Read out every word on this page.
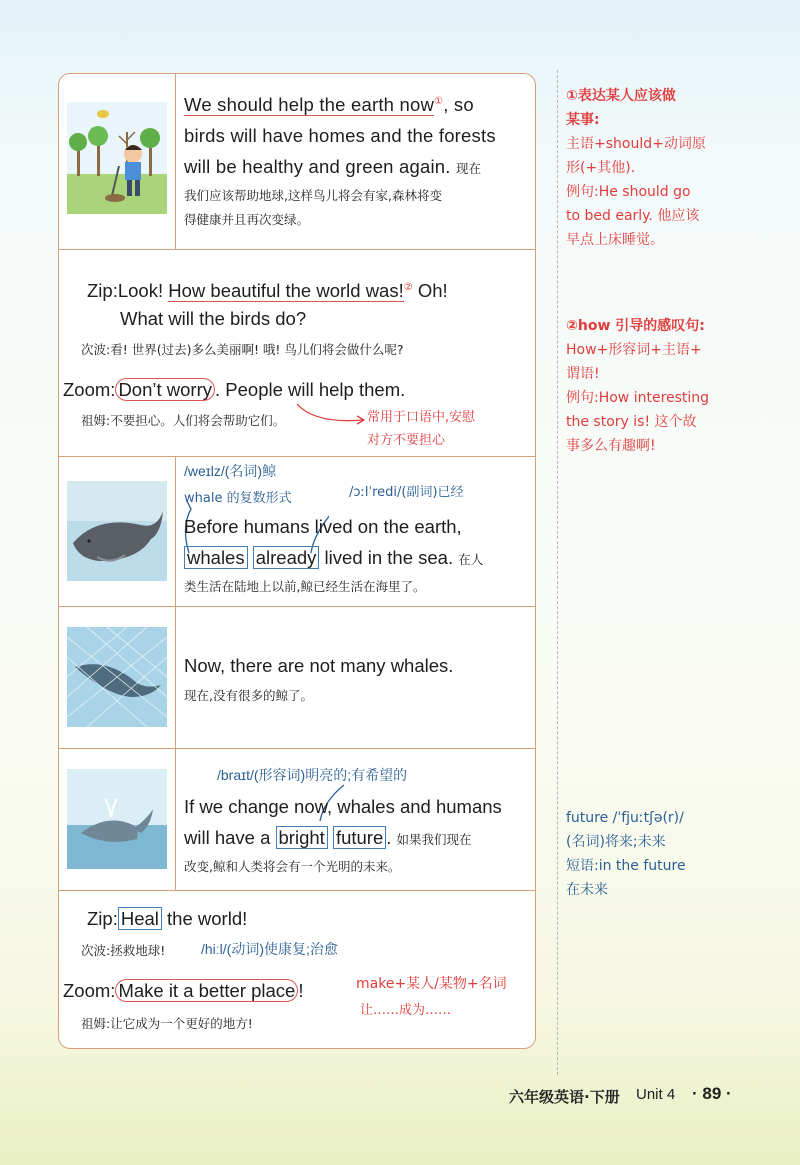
We should help the earth now①, so
birds will have homes and the forests
will be healthy and green again. 现在
我们应该帮助地球,这样鸟儿将会有家,森林将变
得健康并且再次变绿。
Zip:Look! How beautiful the world was!② Oh!
What will the birds do?
次波:看! 世界(过去)多么美丽啊! 哦! 鸟儿们将会做什么呢?
Zoom: Don’t worry . People will help them.
祖姆:不要担心。人们将会帮助它们。	常用于口语中,安慰
对方不要担心
/weɪlz/(名词)鲸
whale 的复数形式	/ɔːlˈredi/(副词)已经
Before humans lived on the earth,
whales already lived in the sea. 在人
类生活在陆地上以前,鲸已经生活在海里了。
Now, there are not many whales.
现在,没有很多的鲸了。
/braɪt/(形容词)明亮的;有希望的
If we change now, whales and humans
will have a bright future . 如果我们现在
改变,鲸和人类将会有一个光明的未来。
Zip: Heal the world!
次波:拯救地球!	/hiːl/(动词)使康复;治愈
Zoom: Make it a better place !
祖姆:让它成为一个更好的地方!
make+某人/某物+名词
让……成为……
①表达某人应该做
某事:
主语+should+动词原
形(+其他).
例句:He should go
to bed early. 他应该
早点上床睡觉。
②how 引导的感叹句:
How+形容词+主语+
谓语!
例句:How interesting
the story is! 这个故
事多么有趣啊!
future /ˈfjuːtʃə(r)/
(名词)将来;未来
短语:in the future
在未来
六年级英语·下册 Unit 4 · 89 ·
